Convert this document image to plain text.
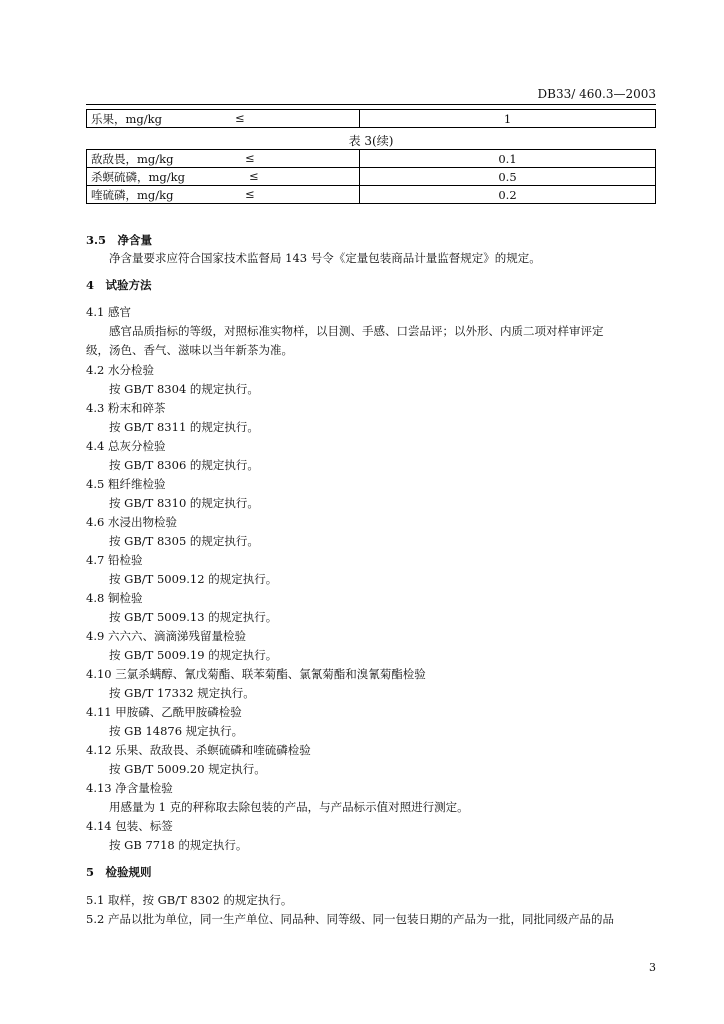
DB33/ 460.3—2003
乐果，mg/kg	≤	1
表 3(续)
敌敌畏，mg/kg ≤	0.1
杀螟硫磷，mg/kg ≤	0.5
喹硫磷，mg/kg ≤	0.2
3.5　净含量
　　净含量要求应符合国家技术监督局 143 号令《定量包装商品计量监督规定》的规定。
4　试验方法
4.1 感官
　　感官品质指标的等级，对照标准实物样，以目测、手感、口尝品评；以外形、内质二项对样审评定
级，汤色、香气、滋味以当年新茶为准。
4.2 水分检验
　　按 GB/T 8304 的规定执行。
4.3 粉末和碎茶
　　按 GB/T 8311 的规定执行。
4.4 总灰分检验
　　按 GB/T 8306 的规定执行。
4.5 粗纤维检验
　　按 GB/T 8310 的规定执行。
4.6 水浸出物检验
　　按 GB/T 8305 的规定执行。
4.7 铅检验
　　按 GB/T 5009.12 的规定执行。
4.8 铜检验
　　按 GB/T 5009.13 的规定执行。
4.9 六六六、滴滴涕残留量检验
　　按 GB/T 5009.19 的规定执行。
4.10 三氯杀螨醇、氰戊菊酯、联苯菊酯、氯氰菊酯和溴氰菊酯检验
　　按 GB/T 17332 规定执行。
4.11 甲胺磷、乙酰甲胺磷检验
　　按 GB 14876 规定执行。
4.12 乐果、敌敌畏、杀螟硫磷和喹硫磷检验
　　按 GB/T 5009.20 规定执行。
4.13 净含量检验
　　用感量为 1 克的秤称取去除包装的产品，与产品标示值对照进行测定。
4.14 包装、标签
　　按 GB 7718 的规定执行。
5　检验规则
5.1 取样，按 GB/T 8302 的规定执行。
5.2 产品以批为单位，同一生产单位、同品种、同等级、同一包装日期的产品为一批，同批同级产品的品
3
